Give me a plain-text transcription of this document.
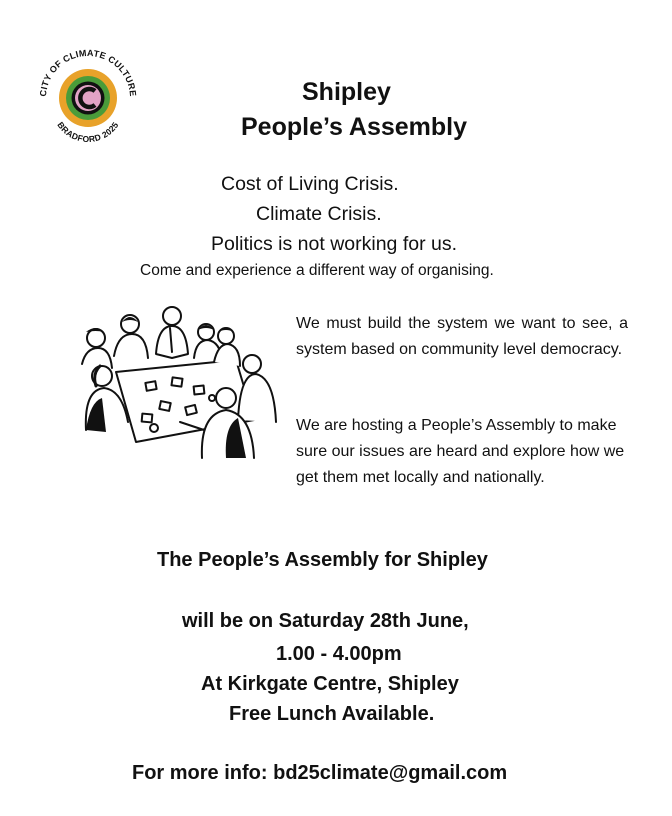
CITY OF CLIMATE CULTURE
BRADFORD 2025
Shipley
People’s Assembly
Cost of Living Crisis.
Climate Crisis.
Politics is not working for us.
Come and experience a different way of organising.
We must build the system we want to see, a system based on community level democracy.
We are hosting a People’s Assembly to make sure our issues are heard and explore how we get them met locally and nationally.
The People’s Assembly for Shipley
will be on Saturday 28th June,
1.00 - 4.00pm
At Kirkgate Centre, Shipley
Free Lunch Available.
For more info: bd25climate@gmail.com
